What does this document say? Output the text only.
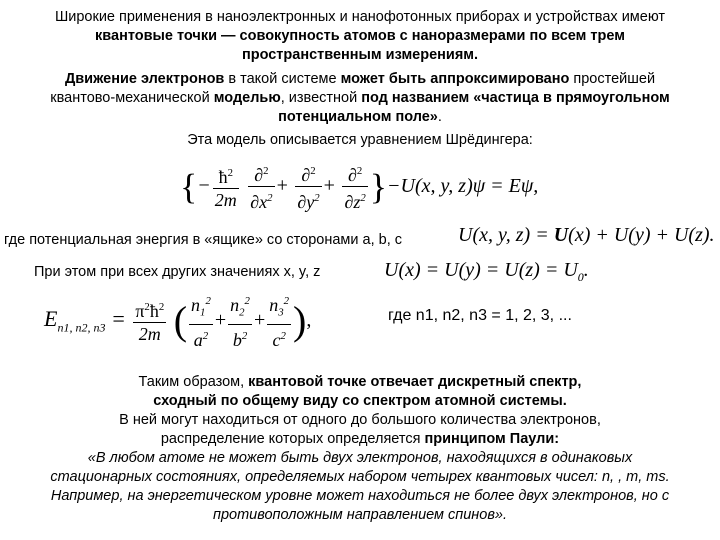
Широкие применения в наноэлектронных и нанофотонных приборах и устройствах имеют
квантовые точки — совокупность атомов с наноразмерами по всем трем
пространственным измерениям.
Движение электронов в такой системе может быть аппроксимировано простейшей
квантово-механической моделью, известной под названием «частица в прямоугольном
потенциальном поле».
Эта модель описывается уравнением Шрёдингера:
{− $\frac{ħ^2}{2m}$
$\frac{\partial^2}{\partial x^2} + \frac{\partial^2}{\partial y^2} + \frac{\partial^2}{\partial z^2} \}-U(x$, y, z)ψ = Eψ,
где потенциальная энергия в «ящике» со сторонами a, b, c	U(x, y, z) = U(x) + U(y) + U(z).
При этом при всех других значениях x, y, z	$U(x) = U(y) = U(z) = U_0$.
$E_{n1, n2, n3} = \frac{\pi^2ħ^2}{2m}$ ( $\frac{n_1^2}{a^2} + \frac{n_2^2}{b^2} + \frac{n_3^2}{c^2}$ ),	где n1, n2, n3 = 1, 2, 3, ...
Таким образом, квантовой точке отвечает дискретный спектр,
сходный по общему виду со спектром атомной системы.
В ней могут находиться от одного до большого количества электронов,
распределение которых определяется принципом Паули:
«В любом атоме не может быть двух электронов, находящихся в одинаковых
стационарных состояниях, определяемых набором четырех квантовых чисел: n, , m, ms.
Например, на энергетическом уровне может находиться не более двух электронов, но с
противоположным направлением спинов».
